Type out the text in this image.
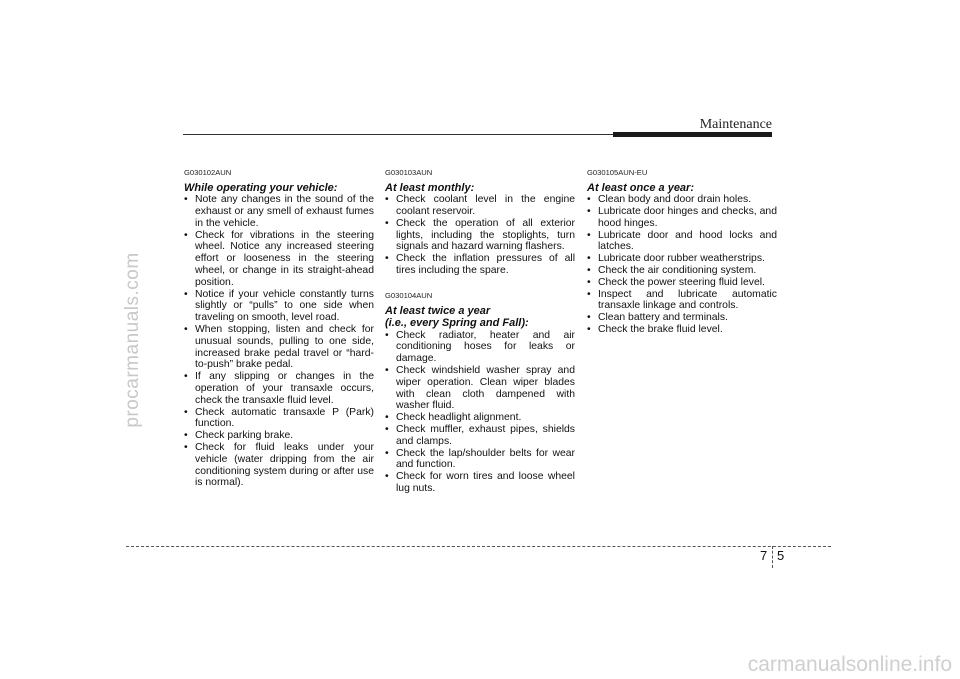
procarmanuals.com
carmanualsonline.info
Maintenance
G030102AUN
While operating your vehicle:
• Note any changes in the sound of the exhaust or any smell of exhaust fumes in the vehicle.
• Check for vibrations in the steering wheel. Notice any increased steering effort or looseness in the steering wheel, or change in its straight-ahead position.
• Notice if your vehicle constantly turns slightly or “pulls” to one side when traveling on smooth, level road.
• When stopping, listen and check for unusual sounds, pulling to one side, increased brake pedal travel or “hard-to-push” brake pedal.
• If any slipping or changes in the operation of your transaxle occurs, check the transaxle fluid level.
• Check automatic transaxle P (Park) function.
• Check parking brake.
• Check for fluid leaks under your vehicle (water dripping from the air conditioning system during or after use is normal).
G030103AUN
At least monthly:
• Check coolant level in the engine coolant reservoir.
• Check the operation of all exterior lights, including the stoplights, turn signals and hazard warning flashers.
• Check the inflation pressures of all tires including the spare.
G030104AUN
At least twice a year
(i.e., every Spring and Fall):
• Check radiator, heater and air conditioning hoses for leaks or damage.
• Check windshield washer spray and wiper operation. Clean wiper blades with clean cloth dampened with washer fluid.
• Check headlight alignment.
• Check muffler, exhaust pipes, shields and clamps.
• Check the lap/shoulder belts for wear and function.
• Check for worn tires and loose wheel lug nuts.
G030105AUN-EU
At least once a year:
• Clean body and door drain holes.
• Lubricate door hinges and checks, and hood hinges.
• Lubricate door and hood locks and latches.
• Lubricate door rubber weatherstrips.
• Check the air conditioning system.
• Check the power steering fluid level.
• Inspect and lubricate automatic transaxle linkage and controls.
• Clean battery and terminals.
• Check the brake fluid level.
7 5
